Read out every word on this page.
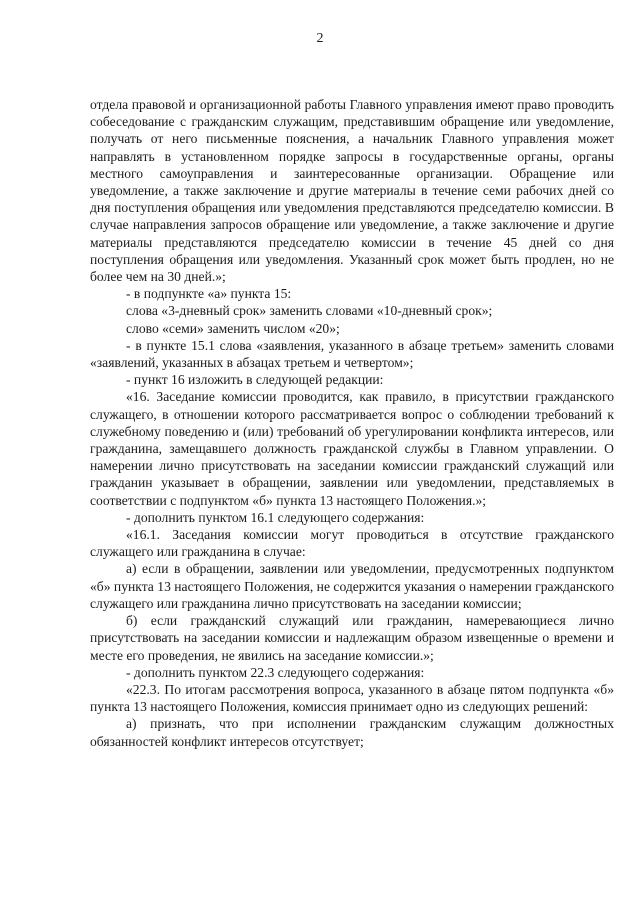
2

отдела правовой и организационной работы Главного управления имеют право проводить собеседование с гражданским служащим, представившим обращение или уведомление, получать от него письменные пояснения, а начальник Главного управления может направлять в установленном порядке запросы в государственные органы, органы местного самоуправления и заинтересованные организации. Обращение или уведомление, а также заключение и другие материалы в течение семи рабочих дней со дня поступления обращения или уведомления представляются председателю комиссии. В случае направления запросов обращение или уведомление, а также заключение и другие материалы представляются председателю комиссии в течение 45 дней со дня поступления обращения или уведомления. Указанный срок может быть продлен, но не более чем на 30 дней.»;

- в подпункте «а» пункта 15:

слова «3-дневный срок» заменить словами «10-дневный срок»;

слово «семи» заменить числом «20»;

- в пункте 15.1 слова «заявления, указанного в абзаце третьем» заменить словами «заявлений, указанных в абзацах третьем и четвертом»;

- пункт 16 изложить в следующей редакции:

«16. Заседание комиссии проводится, как правило, в присутствии гражданского служащего, в отношении которого рассматривается вопрос о соблюдении требований к служебному поведению и (или) требований об урегулировании конфликта интересов, или гражданина, замещавшего должность гражданской службы в Главном управлении. О намерении лично присутствовать на заседании комиссии гражданский служащий или гражданин указывает в обращении, заявлении или уведомлении, представляемых в соответствии с подпунктом «б» пункта 13 настоящего Положения.»;

- дополнить пунктом 16.1 следующего содержания:

«16.1. Заседания комиссии могут проводиться в отсутствие гражданского служащего или гражданина в случае:

а) если в обращении, заявлении или уведомлении, предусмотренных подпунктом «б» пункта 13 настоящего Положения, не содержится указания о намерении гражданского служащего или гражданина лично присутствовать на заседании комиссии;

б) если гражданский служащий или гражданин, намеревающиеся лично присутствовать на заседании комиссии и надлежащим образом извещенные о времени и месте его проведения, не явились на заседание комиссии.»;

- дополнить пунктом 22.3 следующего содержания:

«22.3. По итогам рассмотрения вопроса, указанного в абзаце пятом подпункта «б» пункта 13 настоящего Положения, комиссия принимает одно из следующих решений:

а) признать, что при исполнении гражданским служащим должностных обязанностей конфликт интересов отсутствует;
